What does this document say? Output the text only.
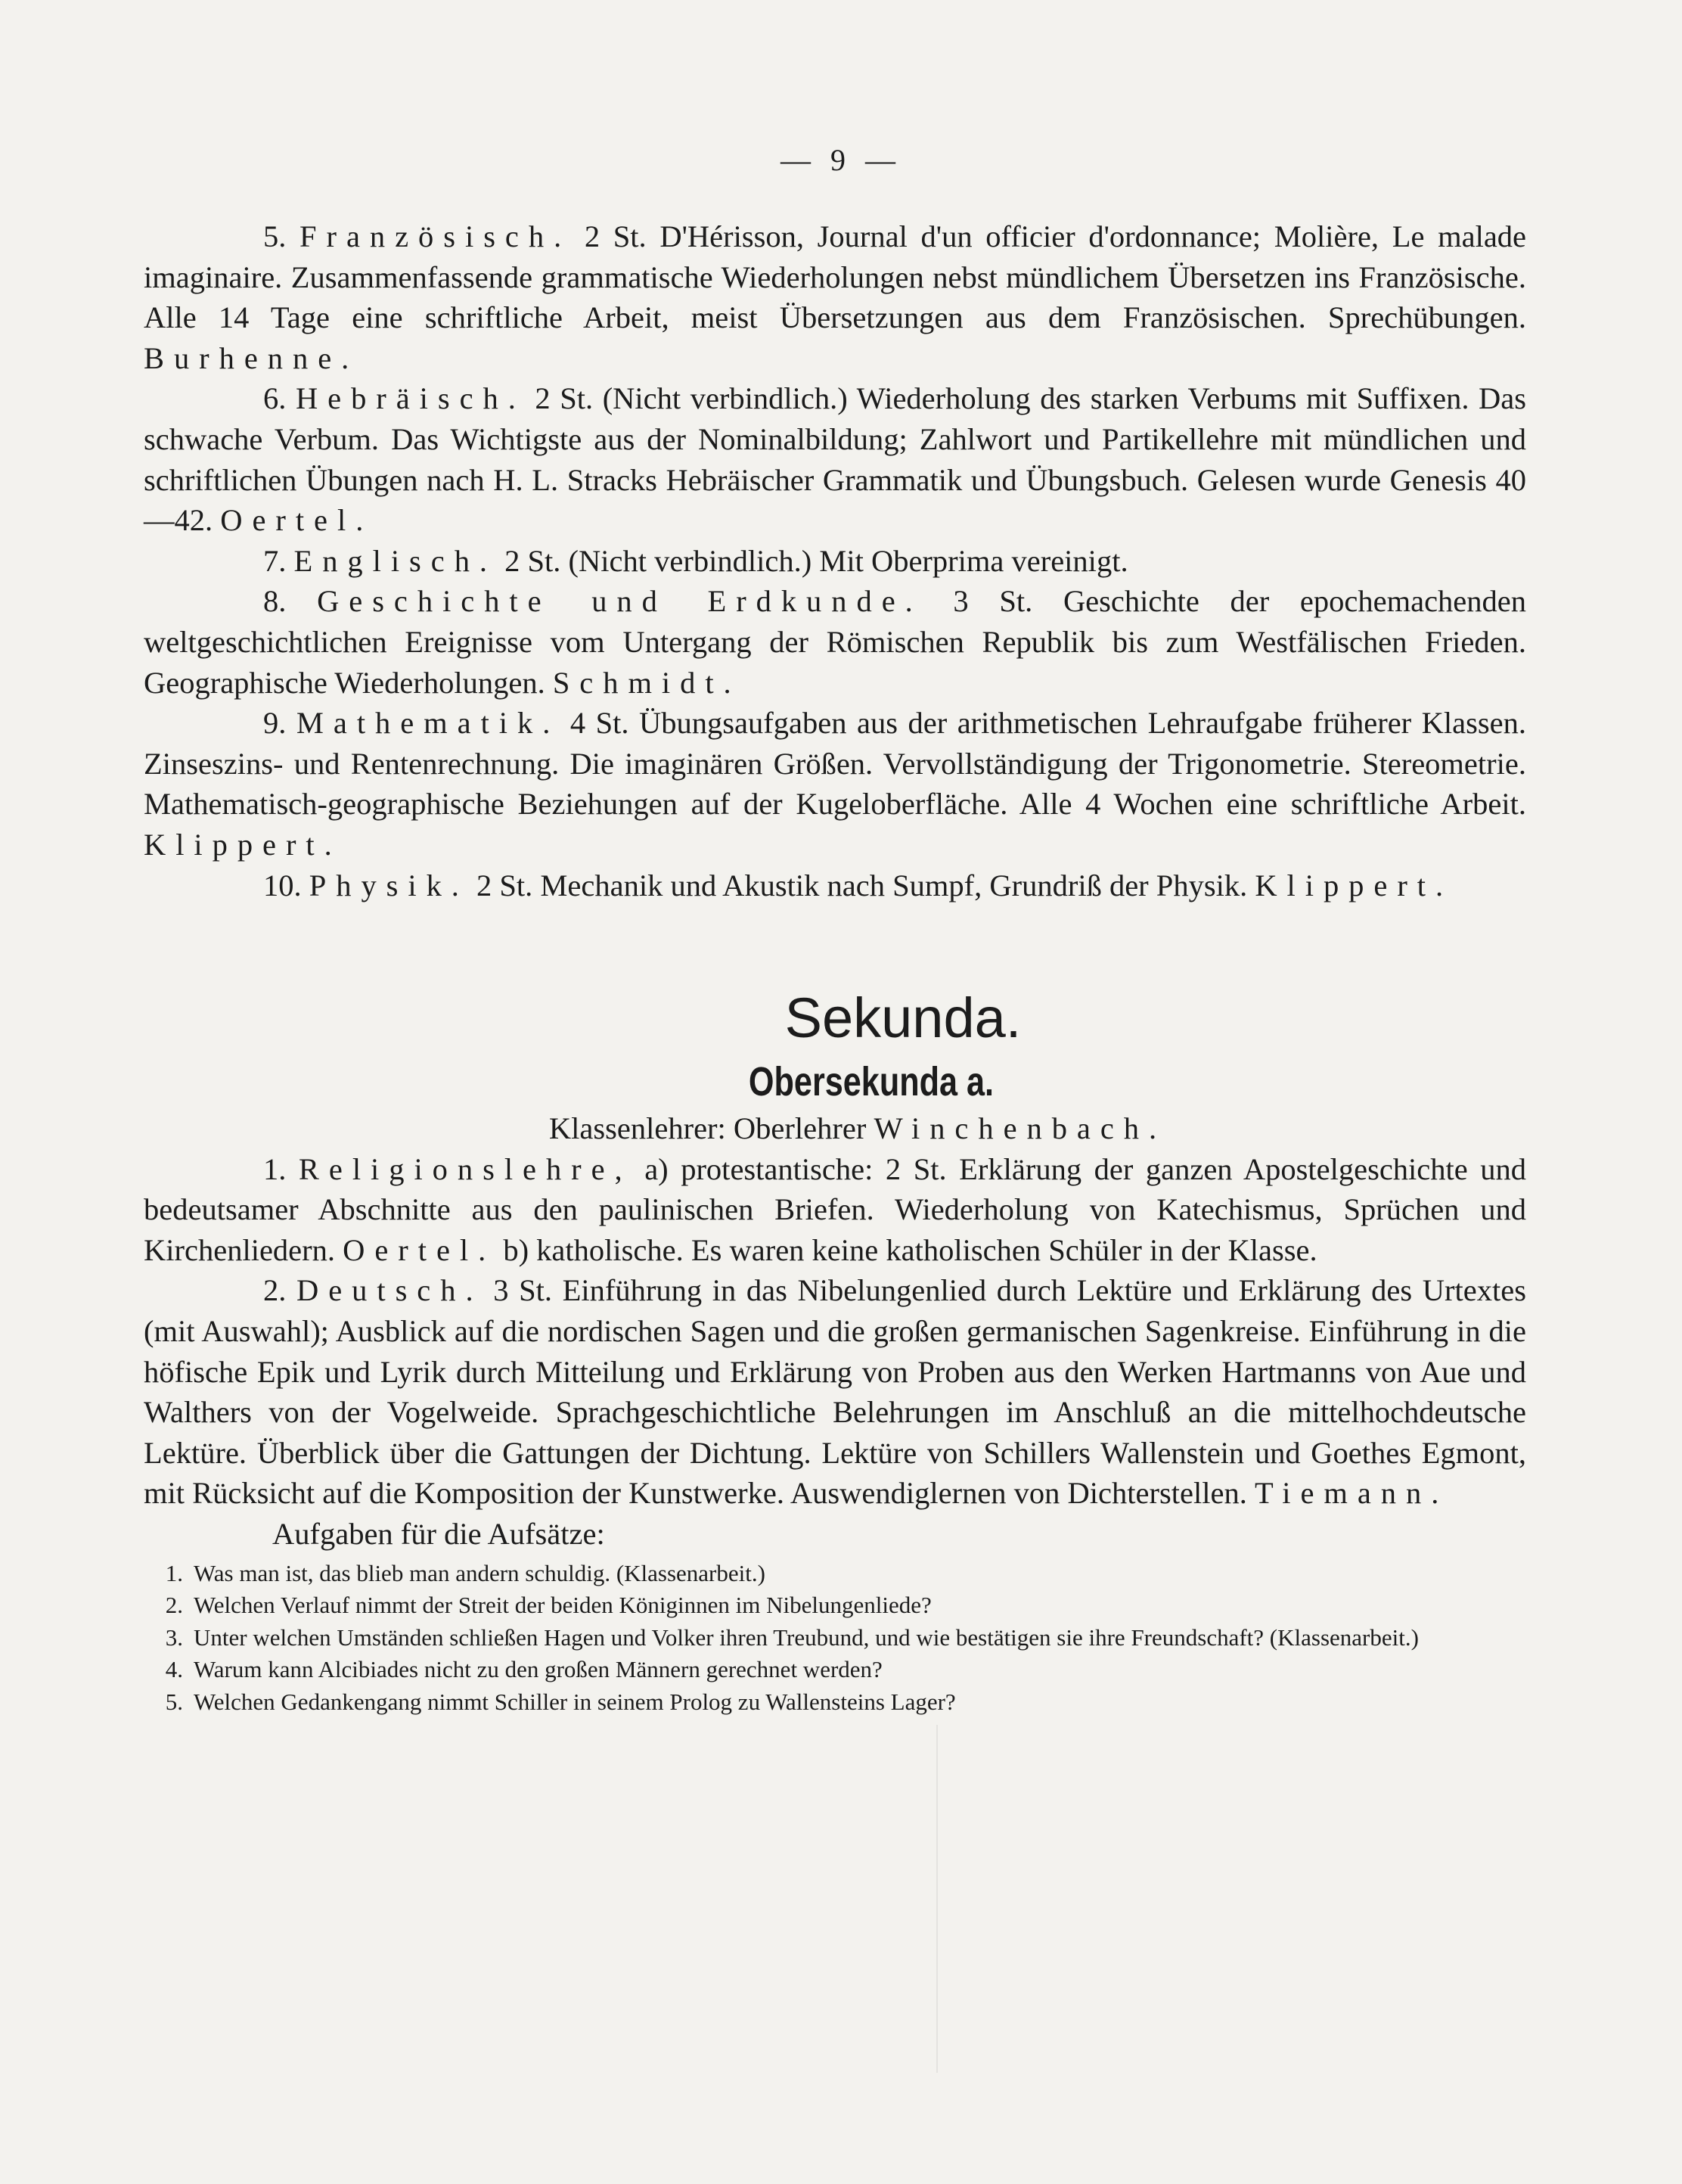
— 9 —

5. Französisch. 2 St. D'Hérisson, Journal d'un officier d'ordonnance; Molière, Le malade imaginaire. Zusammenfassende grammatische Wiederholungen nebst mündlichem Übersetzen ins Französische. Alle 14 Tage eine schriftliche Arbeit, meist Übersetzungen aus dem Französischen. Sprechübungen. Burhenne.

6. Hebräisch. 2 St. (Nicht verbindlich.) Wiederholung des starken Verbums mit Suffixen. Das schwache Verbum. Das Wichtigste aus der Nominalbildung; Zahlwort und Partikellehre mit mündlichen und schriftlichen Übungen nach H. L. Stracks Hebräischer Grammatik und Übungsbuch. Gelesen wurde Genesis 40—42. Oertel.

7. Englisch. 2 St. (Nicht verbindlich.) Mit Oberprima vereinigt.

8. Geschichte und Erdkunde. 3 St. Geschichte der epochemachenden weltgeschichtlichen Ereignisse vom Untergang der Römischen Republik bis zum Westfälischen Frieden. Geographische Wiederholungen. Schmidt.

9. Mathematik. 4 St. Übungsaufgaben aus der arithmetischen Lehraufgabe früherer Klassen. Zinseszins- und Rentenrechnung. Die imaginären Größen. Vervollständigung der Trigonometrie. Stereometrie. Mathematisch-geographische Beziehungen auf der Kugeloberfläche. Alle 4 Wochen eine schriftliche Arbeit. Klippert.

10. Physik. 2 St. Mechanik und Akustik nach Sumpf, Grundriß der Physik. Klippert.

Sekunda.
Obersekunda a.

Klassenlehrer: Oberlehrer Winchenbach.

1. Religionslehre, a) protestantische: 2 St. Erklärung der ganzen Apostelgeschichte und bedeutsamer Abschnitte aus den paulinischen Briefen. Wiederholung von Katechismus, Sprüchen und Kirchenliedern. Oertel. b) katholische. Es waren keine katholischen Schüler in der Klasse.

2. Deutsch. 3 St. Einführung in das Nibelungenlied durch Lektüre und Erklärung des Urtextes (mit Auswahl); Ausblick auf die nordischen Sagen und die großen germanischen Sagenkreise. Einführung in die höfische Epik und Lyrik durch Mitteilung und Erklärung von Proben aus den Werken Hartmanns von Aue und Walthers von der Vogelweide. Sprachgeschichtliche Belehrungen im Anschluß an die mittelhochdeutsche Lektüre. Überblick über die Gattungen der Dichtung. Lektüre von Schillers Wallenstein und Goethes Egmont, mit Rücksicht auf die Komposition der Kunstwerke. Auswendiglernen von Dichterstellen. Tiemann.

Aufgaben für die Aufsätze:

1. Was man ist, das blieb man andern schuldig. (Klassenarbeit.)
2. Welchen Verlauf nimmt der Streit der beiden Königinnen im Nibelungenliede?
3. Unter welchen Umständen schließen Hagen und Volker ihren Treubund, und wie bestätigen sie ihre Freundschaft? (Klassenarbeit.)
4. Warum kann Alcibiades nicht zu den großen Männern gerechnet werden?
5. Welchen Gedankengang nimmt Schiller in seinem Prolog zu Wallensteins Lager?
